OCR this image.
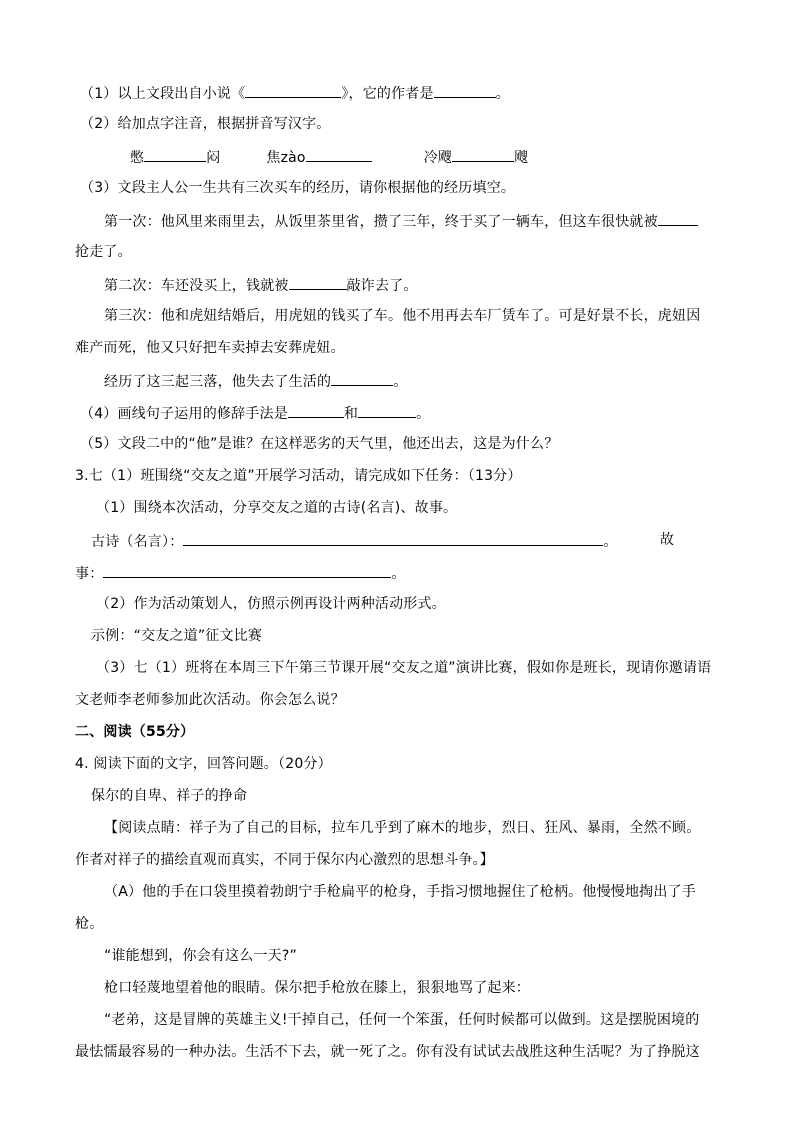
（1）以上文段出自小说《	》，它的作者是	。
（2）给加点字注音，根据拼音写汉字。
憋	闷	焦zào	冷飕	飕
（3）文段主人公一生共有三次买车的经历，请你根据他的经历填空。
第一次：他风里来雨里去，从饭里茶里省，攒了三年，终于买了一辆车，但这车很快就被
抢走了。
第二次：车还没买上，钱就被	敲诈去了。
第三次：他和虎妞结婚后，用虎妞的钱买了车。他不用再去车厂赁车了。可是好景不长，虎妞因
难产而死，他又只好把车卖掉去安葬虎妞。
经历了这三起三落，他失去了生活的	。
（4）画线句子运用的修辞手法是	和	。
（5）文段二中的“他”是谁？在这样恶劣的天气里，他还出去，这是为什么？
3.七（1）班围绕“交友之道”开展学习活动，请完成如下任务：（13分）
（1）围绕本次活动，分享交友之道的古诗(名言)、故事。
古诗（名言）：	。	故
事：	。
（2）作为活动策划人，仿照示例再设计两种活动形式。
示例：“交友之道”征文比赛
（3）七（1）班将在本周三下午第三节课开展“交友之道”演讲比赛，假如你是班长，现请你邀请语
文老师李老师参加此次活动。你会怎么说？
二、阅读（55分）
4. 阅读下面的文字，回答问题。（20分）
保尔的自卑、祥子的挣命
【阅读点睛：祥子为了自己的目标，拉车几乎到了麻木的地步，烈日、狂风、暴雨，全然不顾。
作者对祥子的描绘直观而真实，不同于保尔内心激烈的思想斗争。】
（A）他的手在口袋里摸着勃朗宁手枪扁平的枪身，手指习惯地握住了枪柄。他慢慢地掏出了手
枪。
“谁能想到，你会有这么一天?”
枪口轻蔑地望着他的眼睛。保尔把手枪放在膝上，狠狠地骂了起来：
“老弟，这是冒牌的英雄主义!干掉自己，任何一个笨蛋，任何时候都可以做到。这是摆脱困境的
最怯懦最容易的一种办法。生活不下去，就一死了之。你有没有试试去战胜这种生活呢？为了挣脱这
